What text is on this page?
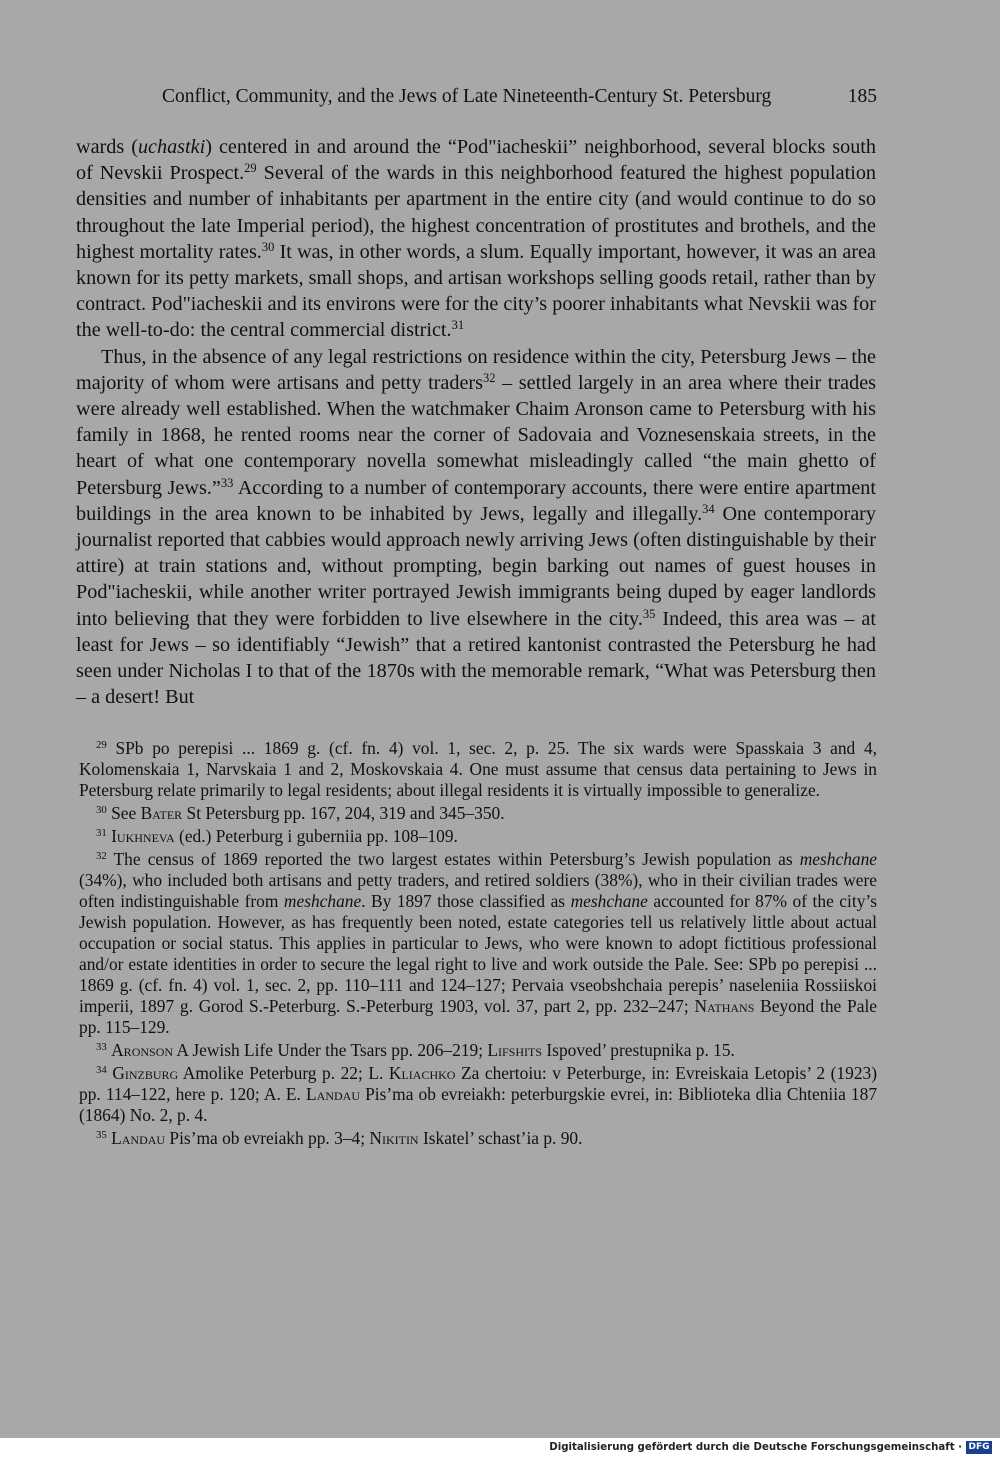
Conflict, Community, and the Jews of Late Nineteenth-Century St. Petersburg	185

wards (uchastki) centered in and around the “Pod"iacheskii” neighborhood, several blocks south of Nevskii Prospect.$^{29}$ Several of the wards in this neighborhood featured the highest population densities and number of inhabitants per apartment in the entire city (and would continue to do so throughout the late Imperial period), the highest concentration of prostitutes and brothels, and the highest mortality rates.$^{30}$ It was, in other words, a slum. Equally important, however, it was an area known for its petty markets, small shops, and artisan workshops selling goods retail, rather than by contract. Pod"iacheskii and its environs were for the city’s poorer inhabitants what Nevskii was for the well-to-do: the central commercial district.$^{31}$

Thus, in the absence of any legal restrictions on residence within the city, Petersburg Jews – the majority of whom were artisans and petty traders$^{32}$ – settled largely in an area where their trades were already well established. When the watchmaker Chaim Aronson came to Petersburg with his family in 1868, he rented rooms near the corner of Sadovaia and Voznesenskaia streets, in the heart of what one contemporary novella somewhat misleadingly called “the main ghetto of Petersburg Jews.”$^{33}$ According to a number of contemporary accounts, there were entire apartment buildings in the area known to be inhabited by Jews, legally and illegally.$^{34}$ One contemporary journalist reported that cabbies would approach newly arriving Jews (often distinguishable by their attire) at train stations and, without prompting, begin barking out names of guest houses in Pod"iacheskii, while another writer portrayed Jewish immigrants being duped by eager landlords into believing that they were forbidden to live elsewhere in the city.$^{35}$ Indeed, this area was – at least for Jews – so identifiably “Jewish” that a retired kantonist contrasted the Petersburg he had seen under Nicholas I to that of the 1870s with the memorable remark, “What was Petersburg then – a desert! But

$^{29}$ SPb po perepisi ... 1869 g. (cf. fn. 4) vol. 1, sec. 2, p. 25. The six wards were Spasskaia 3 and 4, Kolomenskaia 1, Narvskaia 1 and 2, Moskovskaia 4. One must assume that census data pertaining to Jews in Petersburg relate primarily to legal residents; about illegal residents it is virtually impossible to generalize.

$^{30}$ See Bater St Petersburg pp. 167, 204, 319 and 345–350.

$^{31}$ Iukhneva (ed.) Peterburg i guberniia pp. 108–109.

$^{32}$ The census of 1869 reported the two largest estates within Petersburg’s Jewish population as meshchane (34%), who included both artisans and petty traders, and retired soldiers (38%), who in their civilian trades were often indistinguishable from meshchane. By 1897 those classified as meshchane accounted for 87% of the city’s Jewish population. However, as has frequently been noted, estate categories tell us relatively little about actual occupation or social status. This applies in particular to Jews, who were known to adopt fictitious professional and/or estate identities in order to secure the legal right to live and work outside the Pale. See: SPb po perepisi ... 1869 g. (cf. fn. 4) vol. 1, sec. 2, pp. 110–111 and 124–127; Pervaia vseobshchaia perepis’ naseleniia Rossiiskoi imperii, 1897 g. Gorod S.-Peterburg. S.-Peterburg 1903, vol. 37, part 2, pp. 232–247; Nathans Beyond the Pale pp. 115–129.

$^{33}$ Aronson A Jewish Life Under the Tsars pp. 206–219; Lifshits Ispoved’ prestupnika p. 15.

$^{34}$ Ginzburg Amolike Peterburg p. 22; L. Kliachko Za chertoiu: v Peterburge, in: Evreiskaia Letopis’ 2 (1923) pp. 114–122, here p. 120; A. E. Landau Pis’ma ob evreiakh: peterburgskie evrei, in: Biblioteka dlia Chteniia 187 (1864) No. 2, p. 4.

$^{35}$ Landau Pis’ma ob evreiakh pp. 3–4; Nikitin Iskatel’ schast’ia p. 90.

Digitalisierung gefördert durch die Deutsche Forschungsgemeinschaft · DFG
